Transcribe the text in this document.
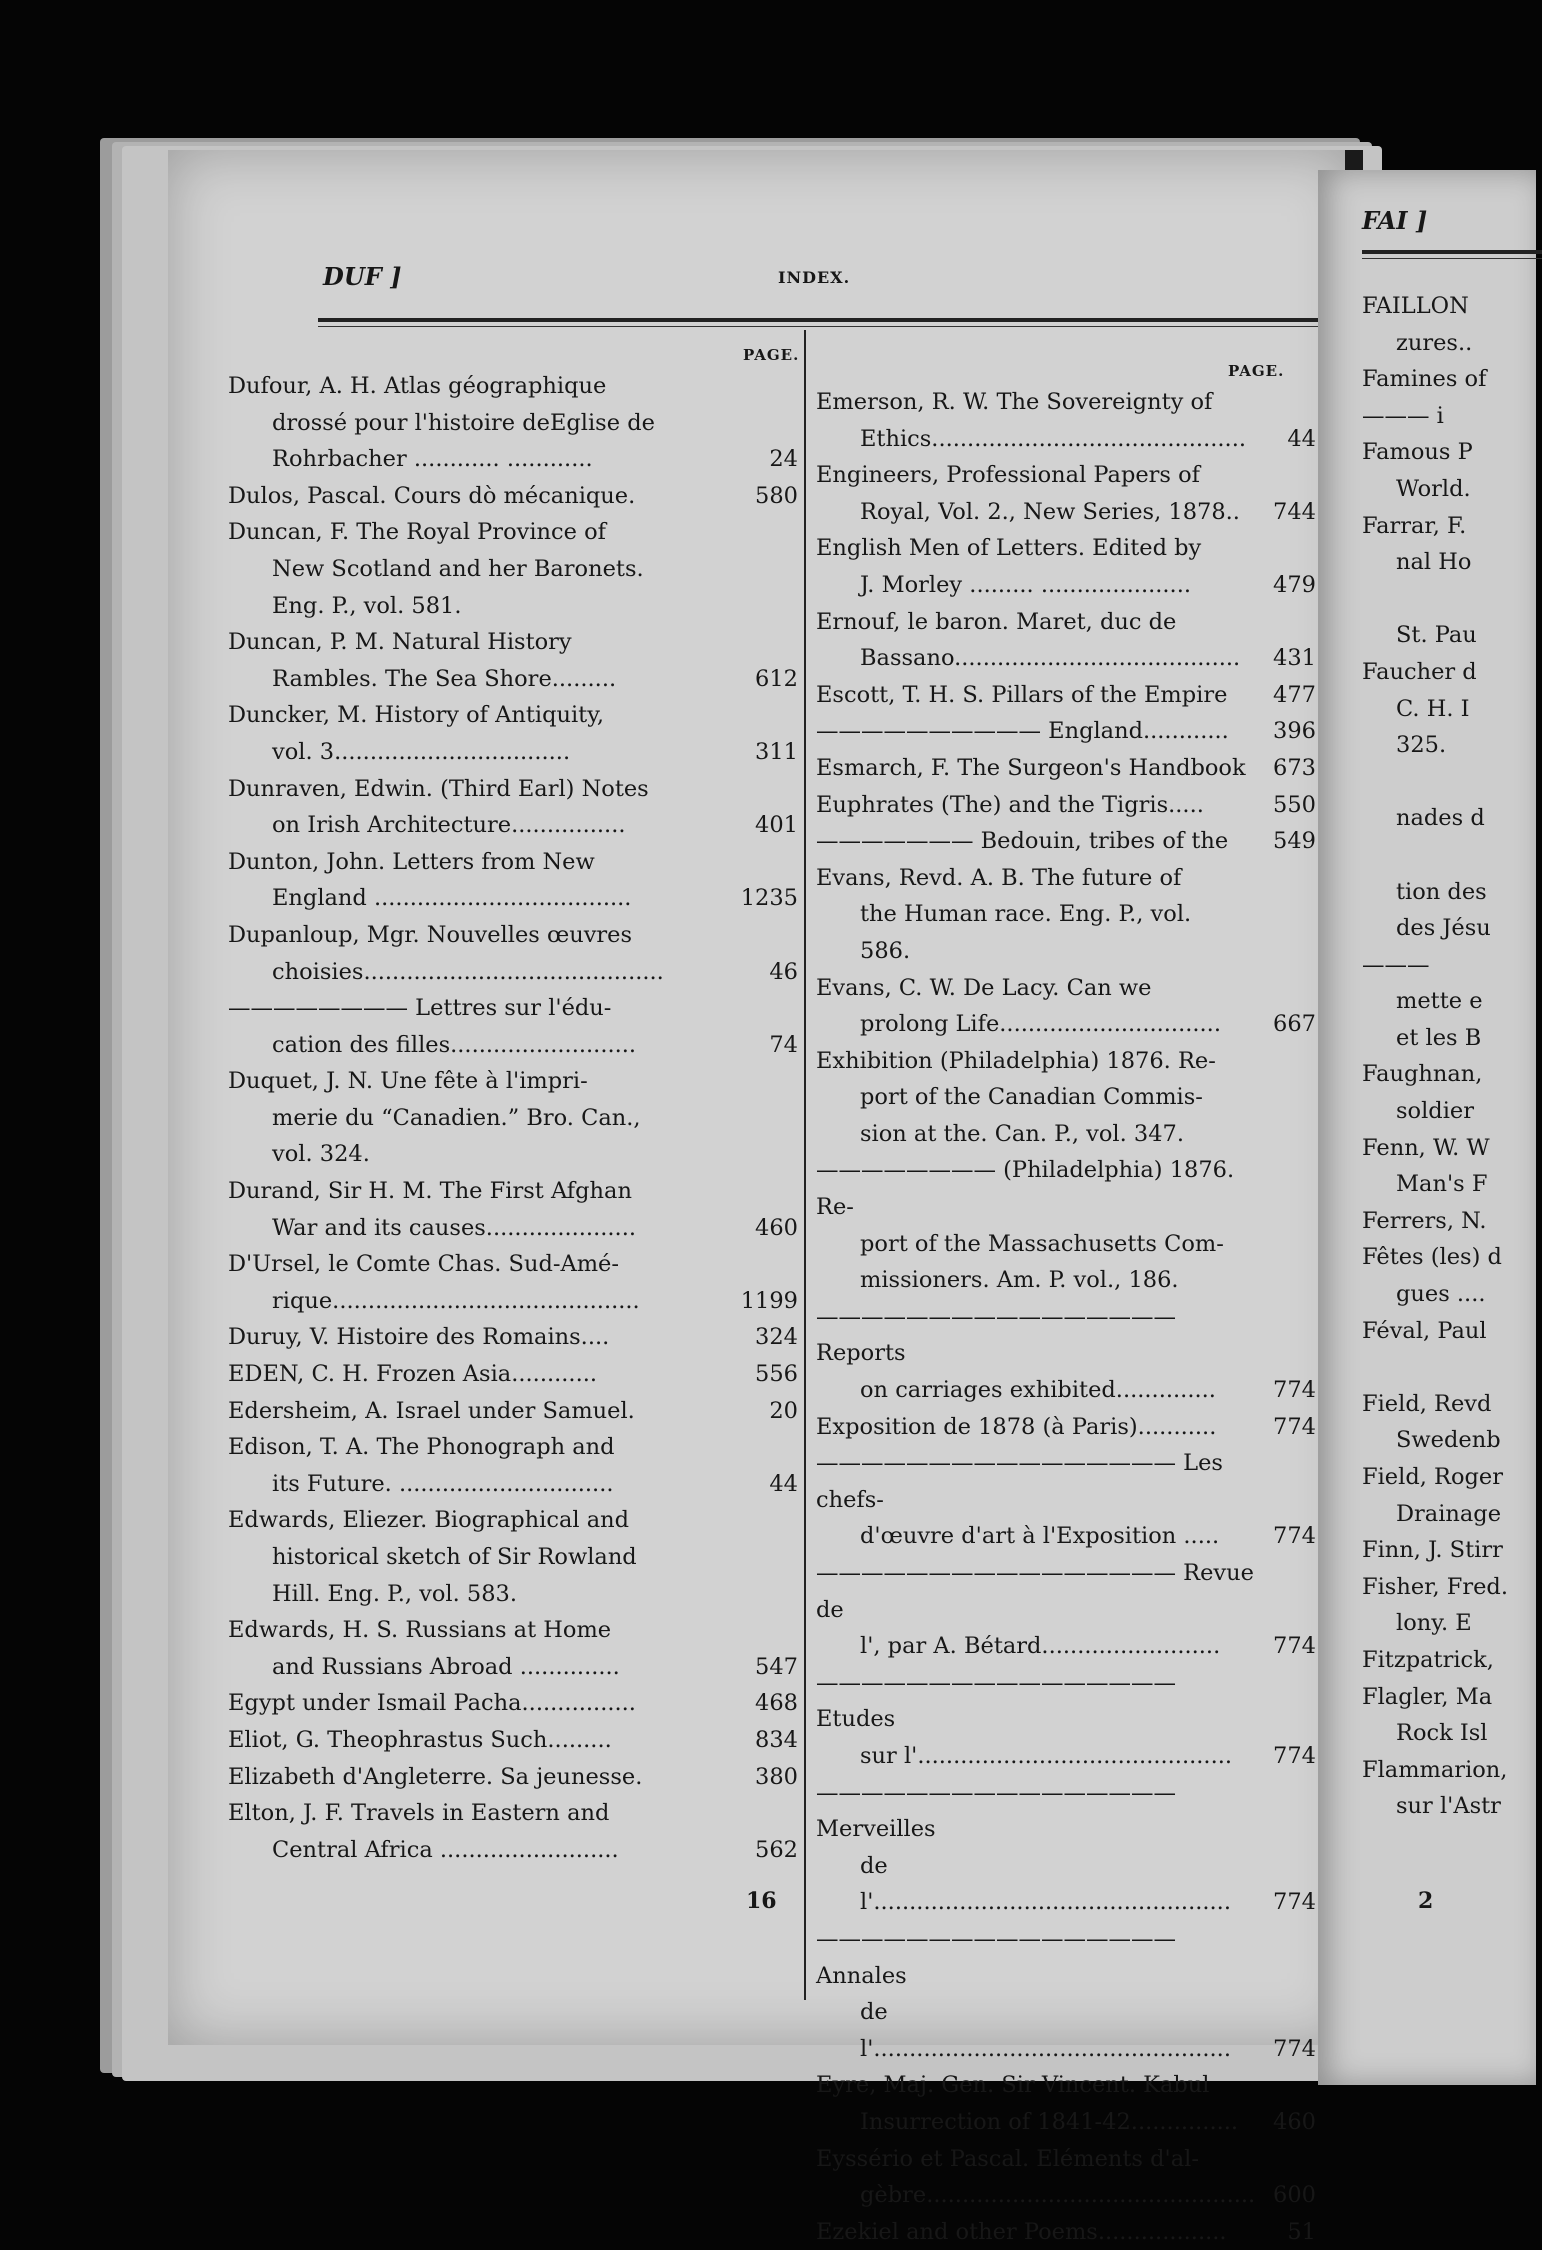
DUF ]	INDEX.
PAGE.
PAGE.
Dufour, A. H. Atlas géographique
drossé pour l'histoire deEglise de
Rohrbacher ............ ............	24
Dulos, Pascal. Cours dò mécanique.	580
Duncan, F. The Royal Province of
New Scotland and her Baronets.
Eng. P., vol. 581.
Duncan, P. M. Natural History
Rambles. The Sea Shore.........	612
Duncker, M. History of Antiquity,
vol. 3.................................	311
Dunraven, Edwin. (Third Earl) Notes
on Irish Architecture................	401
Dunton, John. Letters from New
England ....................................	1235
Dupanloup, Mgr. Nouvelles œuvres
choisies..........................................	46
———————— Lettres sur l'édu-
cation des filles..........................	74
Duquet, J. N. Une fête à l'impri-
merie du “Canadien.” Bro. Can.,
vol. 324.
Durand, Sir H. M. The First Afghan
War and its causes.....................	460
D'Ursel, le Comte Chas. Sud-Amé-
rique...........................................	1199
Duruy, V. Histoire des Romains....	324
EDEN, C. H. Frozen Asia............	556
Edersheim, A. Israel under Samuel.	20
Edison, T. A. The Phonograph and
its Future. ..............................	44
Edwards, Eliezer. Biographical and
historical sketch of Sir Rowland
Hill. Eng. P., vol. 583.
Edwards, H. S. Russians at Home
and Russians Abroad ..............	547
Egypt under Ismail Pacha................	468
Eliot, G. Theophrastus Such.........	834
Elizabeth d'Angleterre. Sa jeunesse.	380
Elton, J. F. Travels in Eastern and
Central Africa .........................	562
Emerson, R. W. The Sovereignty of
Ethics............................................	44
Engineers, Professional Papers of
Royal, Vol. 2., New Series, 1878..	744
English Men of Letters. Edited by
J. Morley ......... .....................	479
Ernouf, le baron. Maret, duc de
Bassano........................................	431
Escott, T. H. S. Pillars of the Empire	477
—————————— England............	396
Esmarch, F. The Surgeon's Handbook	673
Euphrates (The) and the Tigris.....	550
——————— Bedouin, tribes of the	549
Evans, Revd. A. B. The future of
the Human race. Eng. P., vol.
586.
Evans, C. W. De Lacy. Can we
prolong Life...............................	667
Exhibition (Philadelphia) 1876. Re-
port of the Canadian Commis-
sion at the. Can. P., vol. 347.
———————— (Philadelphia) 1876. Re-
port of the Massachusetts Com-
missioners. Am. P. vol., 186.
———————————————— Reports
on carriages exhibited..............	774
Exposition de 1878 (à Paris)...........	774
———————————————— Les chefs-
d'œuvre d'art à l'Exposition .....	774
———————————————— Revue de
l', par A. Bétard.........................	774
———————————————— Etudes
sur l'............................................	774
———————————————— Merveilles
de l'..................................................	774
———————————————— Annales
de l'..................................................	774
Eyre, Maj. Gen. Sir Vincent. Kabul
Insurrection of 1841-42...............	460
Eyssério et Pascal. Eléments d'al-
gèbre.............................................. 600
Ezekiel and other Poems..................	51
16
FAI ]
FAILLON
zures..
Famines of
——— i
Famous P
World.
Farrar, F.
nal Ho

St. Pau
Faucher d
C. H. I
325.

nades d

tion des
des Jésu
———
mette e
et les B
Faughnan,
soldier
Fenn, W. W
Man's F
Ferrers, N.
Fêtes (les) d
gues ....
Féval, Paul

Field, Revd
Swedenb
Field, Roger
Drainage
Finn, J. Stirr
Fisher, Fred.
lony. E
Fitzpatrick,
Flagler, Ma
Rock Isl
Flammarion,
sur l'Astr
2
